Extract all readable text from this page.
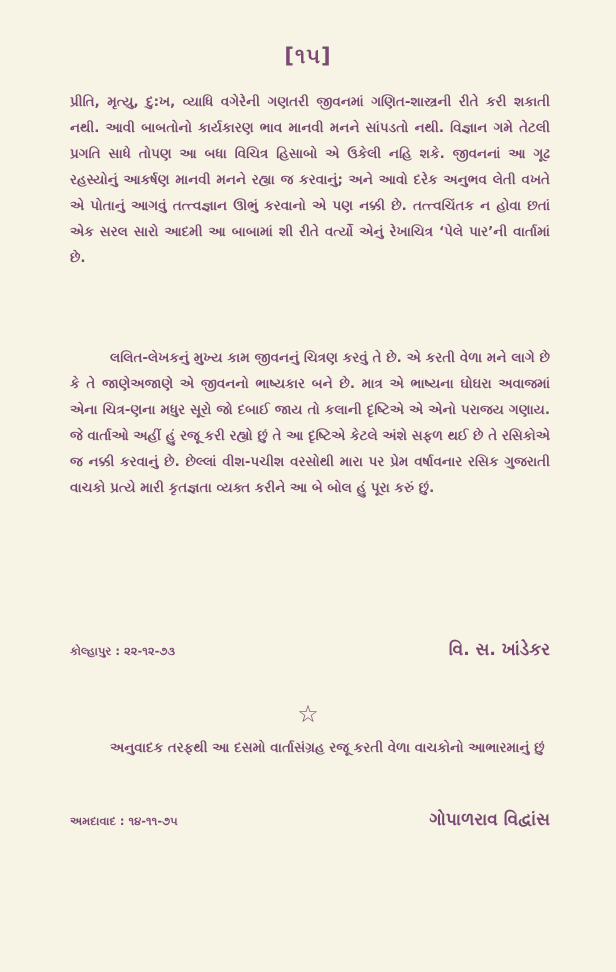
[૧૫]

પ્રીતિ, મૃત્યુ, દુ:ખ, વ્યાધિ વગેરેની ગણતરી જીવનમાં ગણિત-શાસ્ત્રની રીતે કરી શકાતી નથી. આવી બાબતોનો કાર્યકારણ ભાવ માનવી મનને સાંપડતો નથી. વિજ્ઞાન ગમે તેટલી પ્રગતિ સાધે તોપણ આ બધા વિચિત્ર હિસાબો એ ઉકેલી નહિ શકે. જીવનનાં આ ગૂઢ રહસ્યોનું આકર્ષણ માનવી મનને રહ્યા જ કરવાનું; અને આવો દરેક અનુભવ લેતી વખતે એ પોતાનું આગવું તત્ત્વજ્ઞાન ઊભું કરવાનો એ પણ નક્કી છે. તત્ત્વચિંતક ન હોવા છતાં એક સરલ સારો આદમી આ બાબામાં શી રીતે વર્ત્યો એનું રેખાચિત્ર ‘પેલે પાર’ની વાર્તામાં છે.

લલિત-લેખકનું મુખ્ય કામ જીવનનું ચિત્રણ કરવું તે છે. એ કરતી વેળા મને લાગે છે કે તે જાણેઅજાણે એ જીવનનો ભાષ્યકાર બને છે. માત્ર એ ભાષ્યના ઘોઘરા અવાજમાં એના ચિત્ર-ણના મધુર સૂરો જો દબાઈ જાય તો કલાની દૃષ્ટિએ એ એનો પરાજય ગણાય. જે વાર્તાઓ અહીં હું રજૂ કરી રહ્યો છું તે આ દૃષ્ટિએ કેટલે અંશે સફળ થઈ છે તે રસિકોએ જ નક્કી કરવાનું છે. છેલ્લાં વીશ-પચીશ વરસોથી મારા પર પ્રેમ વર્ષાવનાર રસિક ગુજરાતી વાચકો પ્રત્યે મારી કૃતજ્ઞતા વ્યક્ત કરીને આ બે બોલ હું પૂરા કરું છું.

કોલ્હાપુર : ૨૨-૧૨-૭૩	વિ. સ. ખાંડેકર
☆

અનુવાદક તરફથી આ દસમો વાર્તાસંગ્રહ રજૂ કરતી વેળા વાચકોનો આભારમાનું છું

અમદાવાદ : ૧૪-૧૧-૭૫	ગોપાળરાવ વિદ્વાંસ
